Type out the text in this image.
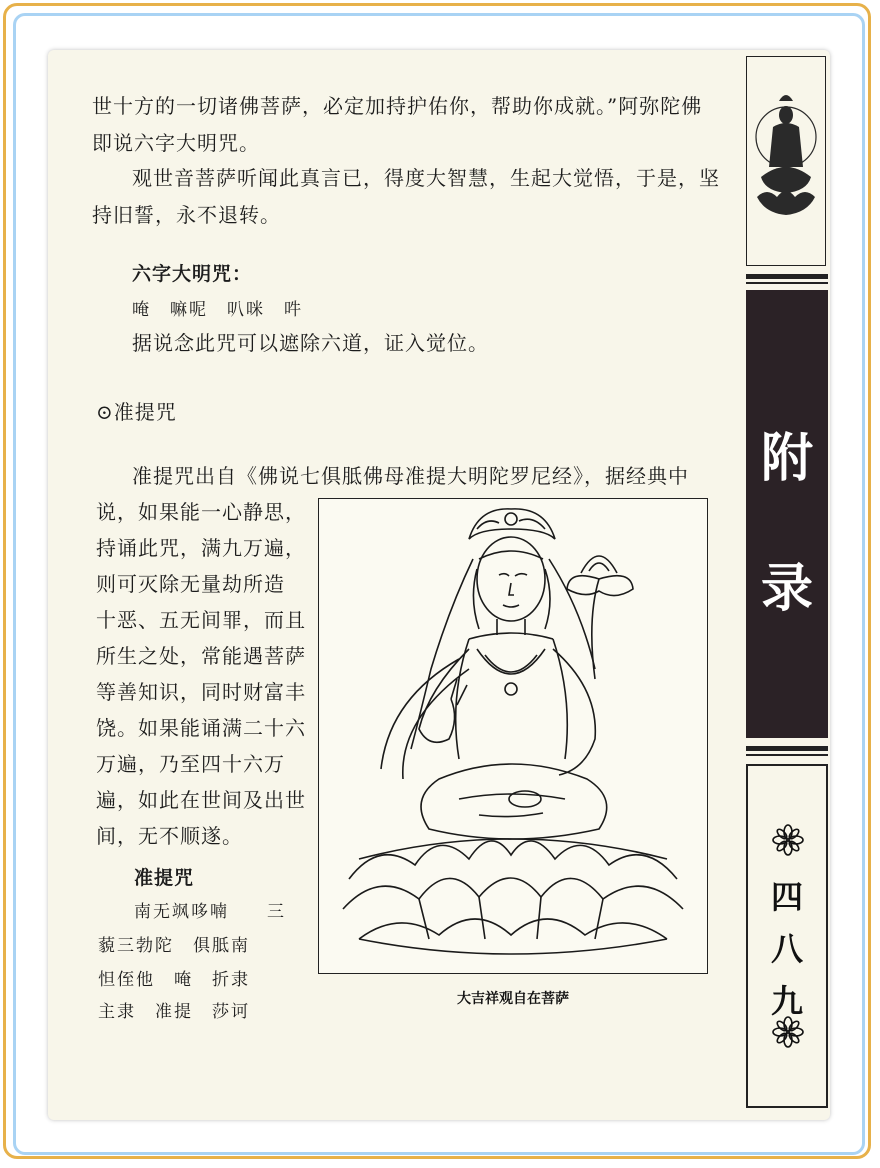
世十方的一切诸佛菩萨，必定加持护佑你，帮助你成就。”阿弥陀佛
即说六字大明咒。
观世音菩萨听闻此真言已，得度大智慧，生起大觉悟，于是，坚
持旧誓，永不退转。
六字大明咒：
唵　嘛呢　叭咪　吽
据说念此咒可以遮除六道，证入觉位。
⊙准提咒
准提咒出自《佛说七俱胝佛母准提大明陀罗尼经》，据经典中
说，如果能一心静思，
持诵此咒，满九万遍，
则可灭除无量劫所造
十恶、五无间罪，而且
所生之处，常能遇菩萨
等善知识，同时财富丰
饶。如果能诵满二十六
万遍，乃至四十六万
遍，如此在世间及出世
间，无不顺遂。
准提咒
南无飒哆喃　　三
藐三勃陀　俱胝南
怛侄他　唵　折隶
主隶　准提　莎诃
大吉祥观自在菩萨
附
录
四
八
九
